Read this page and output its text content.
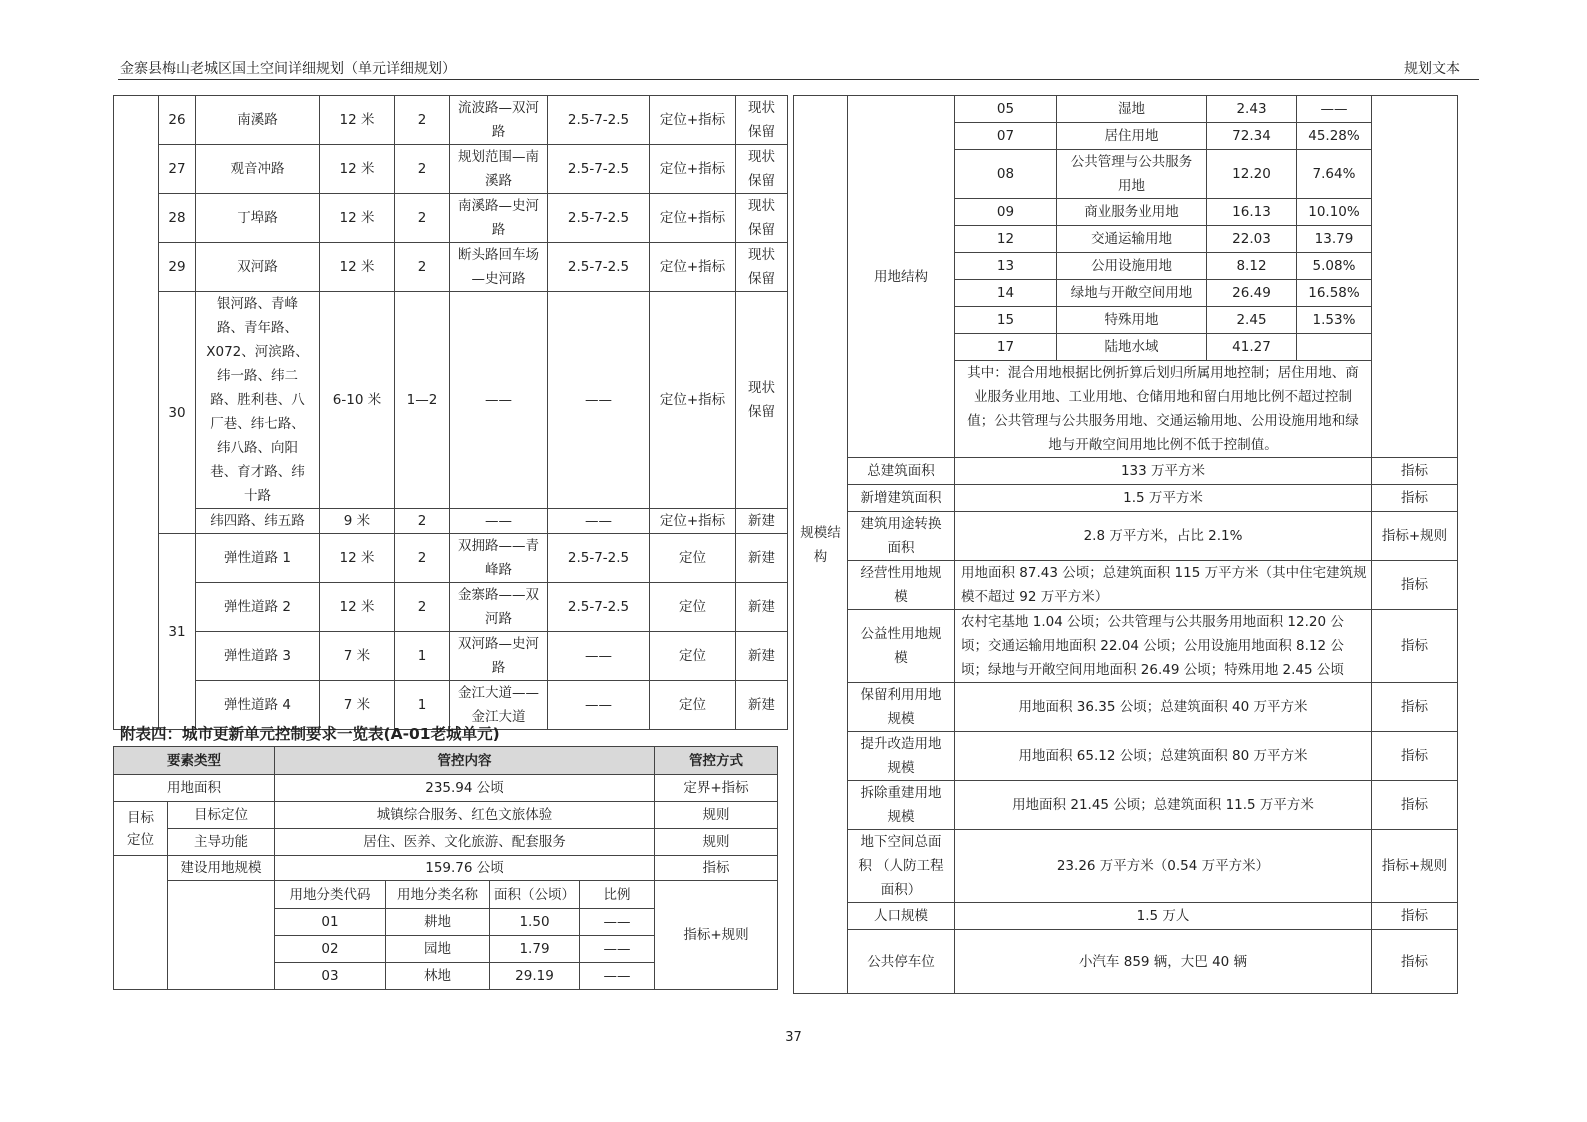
金寨县梅山老城区国土空间详细规划（单元详细规划）	规划文本
	26	南溪路	12 米	2	流波路—双河路	2.5-7-2.5	定位+指标	现状保留
	27	观音冲路	12 米	2	规划范围—南溪路	2.5-7-2.5	定位+指标	现状保留
	28	丁埠路	12 米	2	南溪路—史河路	2.5-7-2.5	定位+指标	现状保留
	29	双河路	12 米	2	断头路回车场—史河路	2.5-7-2.5	定位+指标	现状保留
	30	银河路、青峰路、青年路、X072、河滨路、纬一路、纬二路、胜利巷、八厂巷、纬七路、纬八路、向阳巷、育才路、纬十路	6-10 米	1—2	——	——	定位+指标	现状保留
		纬四路、纬五路	9 米	2	——	——	定位+指标	新建
	31	弹性道路 1	12 米	2	双拥路——青峰路	2.5-7-2.5	定位	新建
		弹性道路 2	12 米	2	金寨路——双河路	2.5-7-2.5	定位	新建
		弹性道路 3	7 米	1	双河路—史河路	——	定位	新建
		弹性道路 4	7 米	1	金江大道——金江大道	——	定位	新建
附表四：城市更新单元控制要求一览表(A-01老城单元)
要素类型		管控内容				管控方式
用地面积		235.94 公顷				定界+指标
目标定位	目标定位	城镇综合服务、红色文旅体验				规则
	主导功能	居住、医养、文化旅游、配套服务				规则
	建设用地规模	159.76 公顷				指标
		用地分类代码	用地分类名称	面积（公顷）	比例	指标+规则
		01	耕地	1.50	——	
		02	园地	1.79	——	
		03	林地	29.19	——	
规模结构	用地结构	05	湿地	2.43	——	
		07	居住用地	72.34	45.28%	
		08	公共管理与公共服务用地	12.20	7.64%	
		09	商业服务业用地	16.13	10.10%	
		12	交通运输用地	22.03	13.79	
		13	公用设施用地	8.12	5.08%	
		14	绿地与开敞空间用地	26.49	16.58%	
		15	特殊用地	2.45	1.53%	
		17	陆地水域	41.27		
		其中：混合用地根据比例折算后划归所属用地控制；居住用地、商业服务业用地、工业用地、仓储用地和留白用地比例不超过控制值；公共管理与公共服务用地、交通运输用地、公用设施用地和绿地与开敞空间用地比例不低于控制值。				
	总建筑面积	133 万平方米				指标
	新增建筑面积	1.5 万平方米				指标
	建筑用途转换面积	2.8 万平方米，占比 2.1%				指标+规则
	经营性用地规模	用地面积 87.43 公顷；总建筑面积 115 万平方米（其中住宅建筑规模不超过 92 万平方米）				指标
	公益性用地规模	农村宅基地 1.04 公顷；公共管理与公共服务用地面积 12.20 公顷；交通运输用地面积 22.04 公顷；公用设施用地面积 8.12 公顷；绿地与开敞空间用地面积 26.49 公顷；特殊用地 2.45 公顷				指标
	保留利用用地规模	用地面积 36.35 公顷；总建筑面积 40 万平方米				指标
	提升改造用地规模	用地面积 65.12 公顷；总建筑面积 80 万平方米				指标
	拆除重建用地规模	用地面积 21.45 公顷；总建筑面积 11.5 万平方米				指标
	地下空间总面积 （人防工程面积）	23.26 万平方米（0.54 万平方米）				指标+规则
	人口规模	1.5 万人				指标
	公共停车位	小汽车 859 辆，大巴 40 辆				指标
37
